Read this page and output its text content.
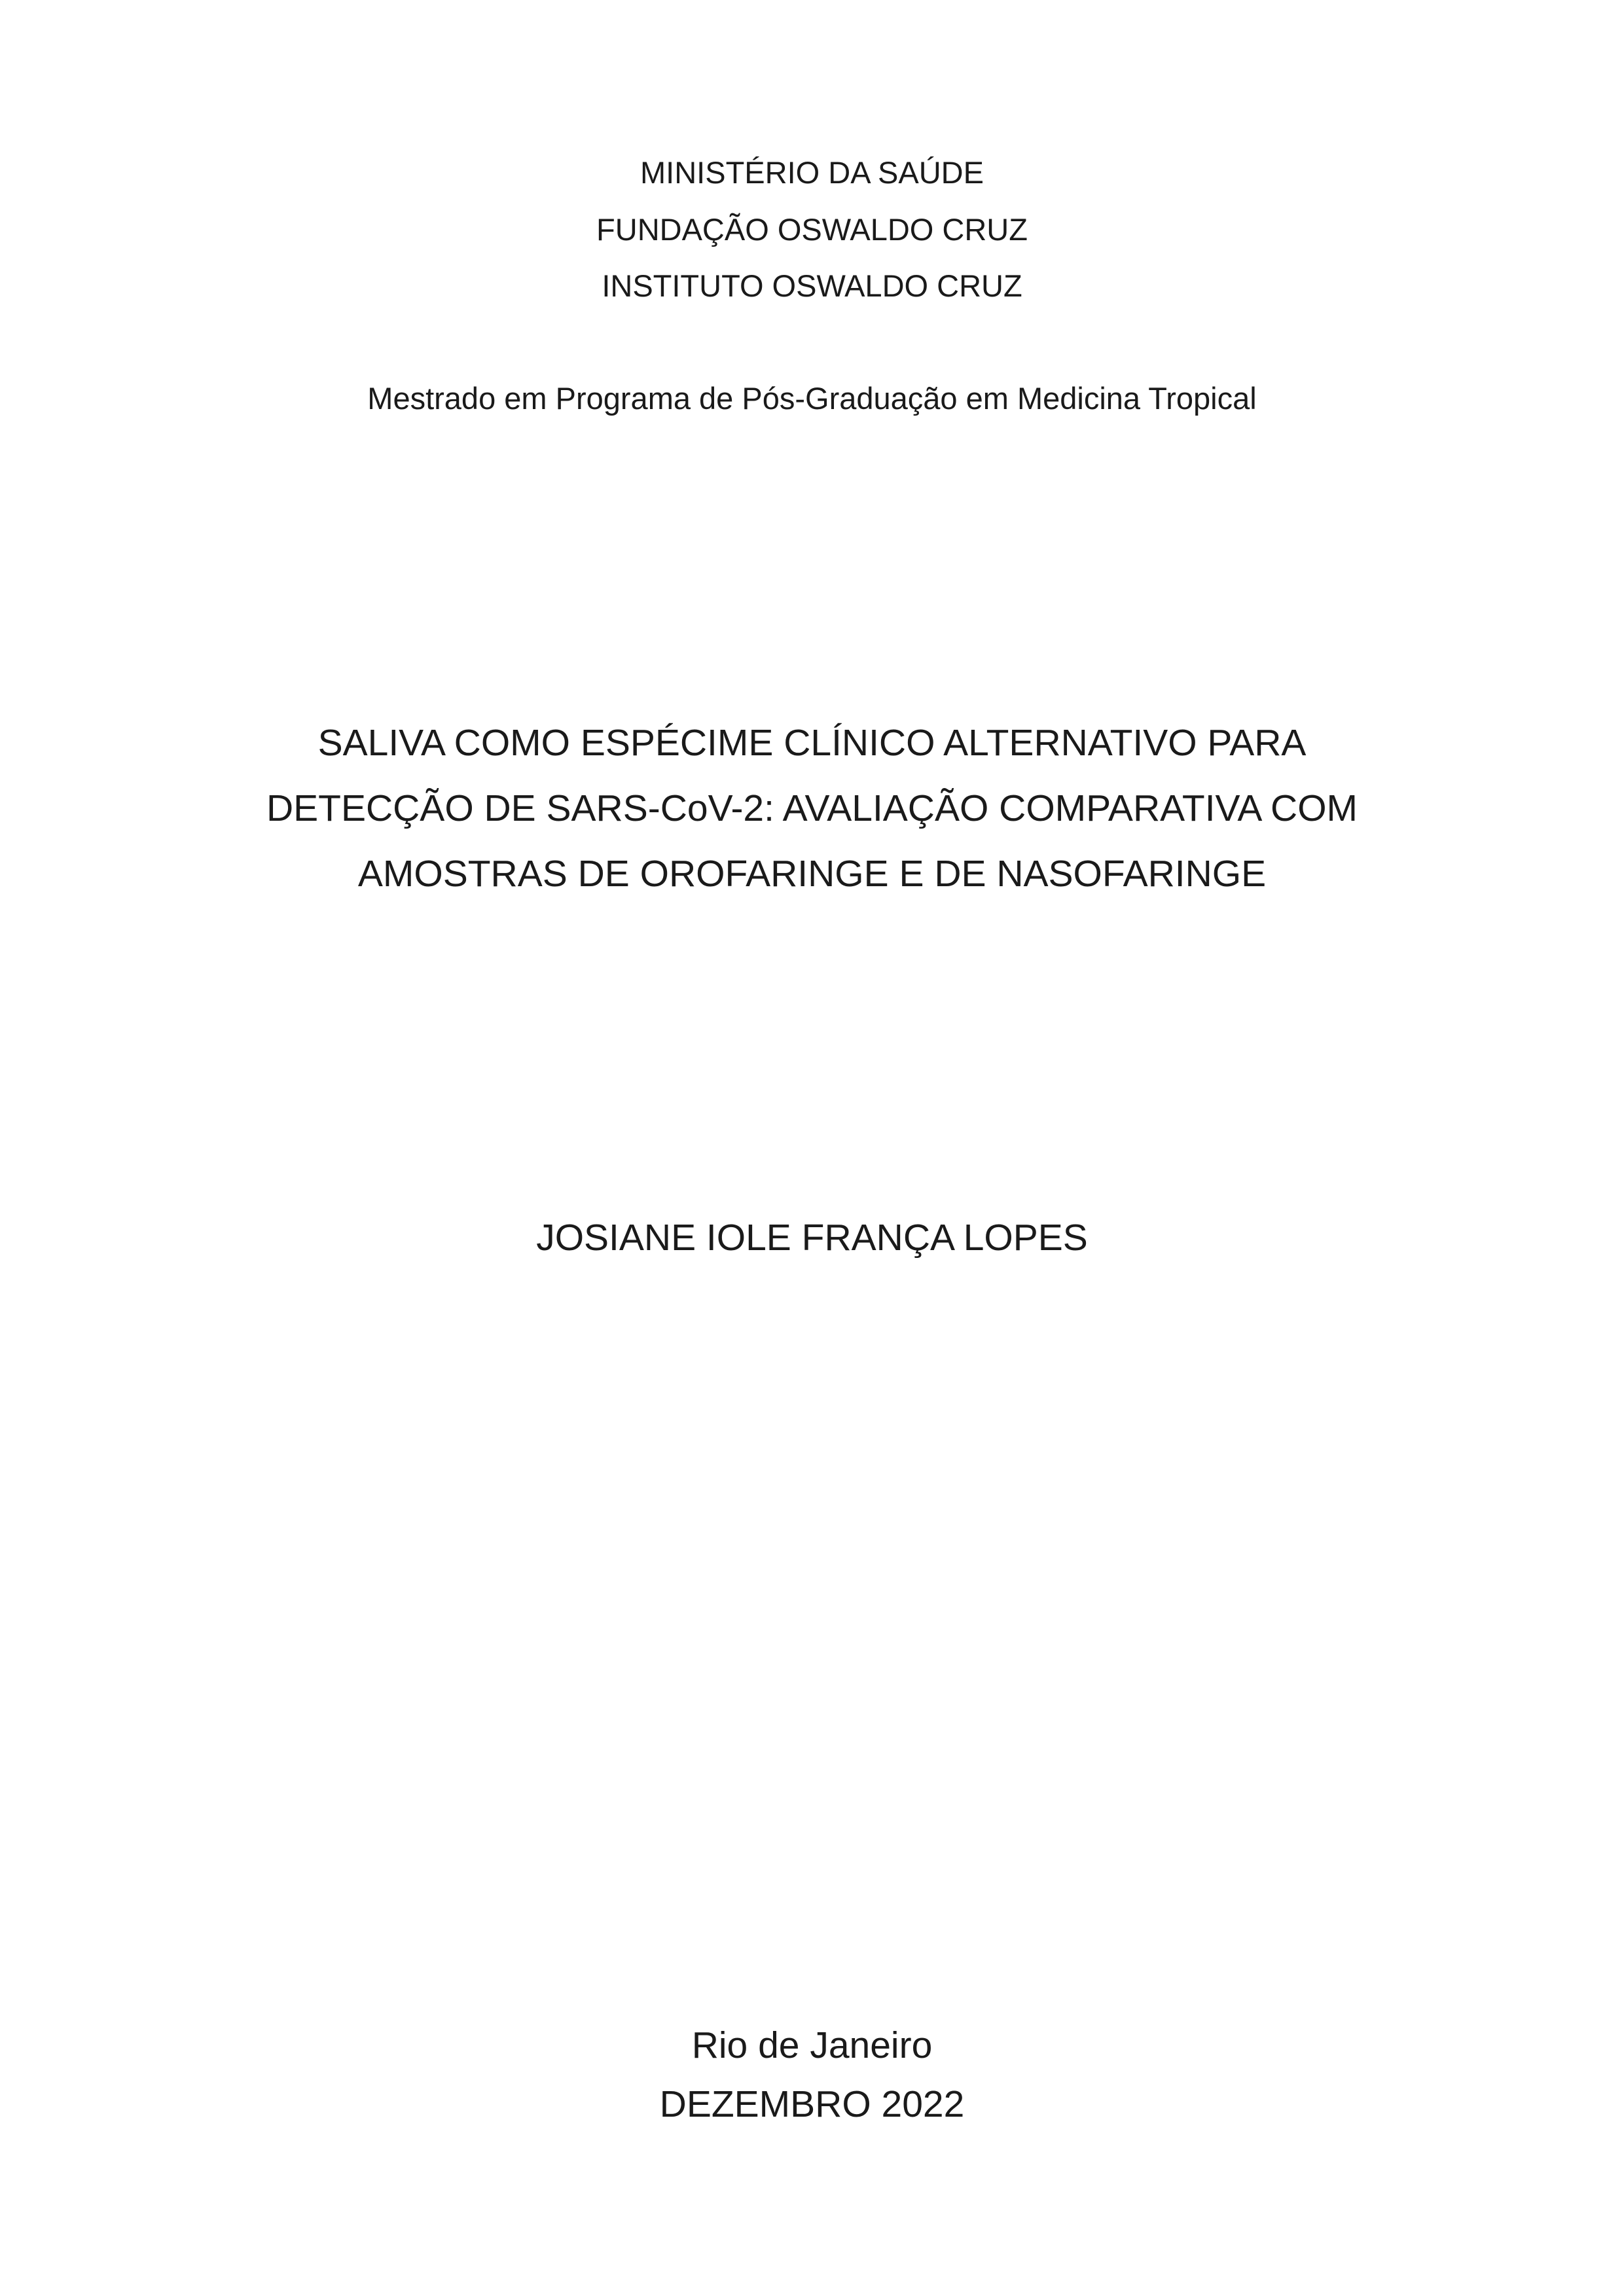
MINISTÉRIO DA SAÚDE
FUNDAÇÃO OSWALDO CRUZ
INSTITUTO OSWALDO CRUZ
Mestrado em Programa de Pós-Graduação em Medicina Tropical
SALIVA COMO ESPÉCIME CLÍNICO ALTERNATIVO PARA
DETECÇÃO DE SARS-CoV-2: AVALIAÇÃO COMPARATIVA COM
AMOSTRAS DE OROFARINGE E DE NASOFARINGE
JOSIANE IOLE FRANÇA LOPES
Rio de Janeiro
DEZEMBRO 2022
